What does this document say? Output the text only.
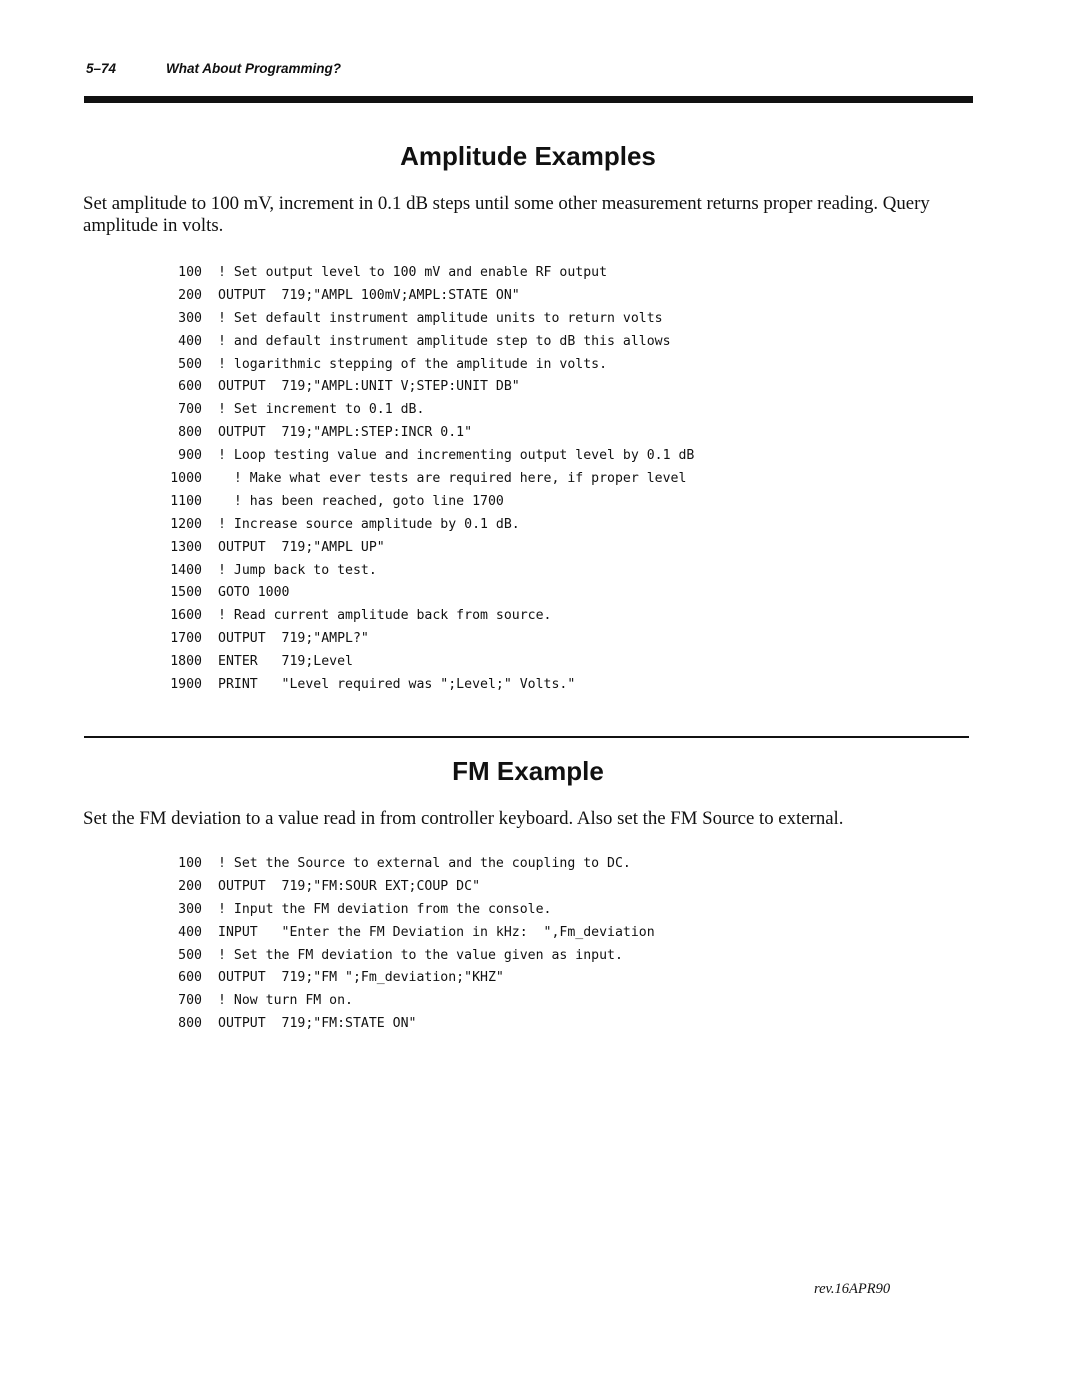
5–74	What About Programming?
Amplitude Examples
Set amplitude to 100 mV, increment in 0.1 dB steps until some other measurement returns proper reading. Query amplitude in volts.
100 ! Set output level to 100 mV and enable RF output
200 OUTPUT  719;"AMPL 100mV;AMPL:STATE ON"
300 ! Set default instrument amplitude units to return volts
400 ! and default instrument amplitude step to dB this allows
500 ! logarithmic stepping of the amplitude in volts.
600 OUTPUT  719;"AMPL:UNIT V;STEP:UNIT DB"
700 ! Set increment to 0.1 dB.
800 OUTPUT  719;"AMPL:STEP:INCR 0.1"
900 ! Loop testing value and incrementing output level by 0.1 dB
1000  ! Make what ever tests are required here, if proper level
1100  ! has been reached, goto line 1700
1200 ! Increase source amplitude by 0.1 dB.
1300 OUTPUT  719;"AMPL UP"
1400 ! Jump back to test.
1500 GOTO 1000
1600 ! Read current amplitude back from source.
1700 OUTPUT  719;"AMPL?"
1800 ENTER   719;Level
1900 PRINT   "Level required was ";Level;" Volts."
FM Example
Set the FM deviation to a value read in from controller keyboard. Also set the FM Source to external.
100 ! Set the Source to external and the coupling to DC.
200 OUTPUT  719;"FM:SOUR EXT;COUP DC"
300 ! Input the FM deviation from the console.
400 INPUT   "Enter the FM Deviation in kHz:  ",Fm_deviation
500 ! Set the FM deviation to the value given as input.
600 OUTPUT  719;"FM ";Fm_deviation;"KHZ"
700 ! Now turn FM on.
800 OUTPUT  719;"FM:STATE ON"
rev.16APR90
